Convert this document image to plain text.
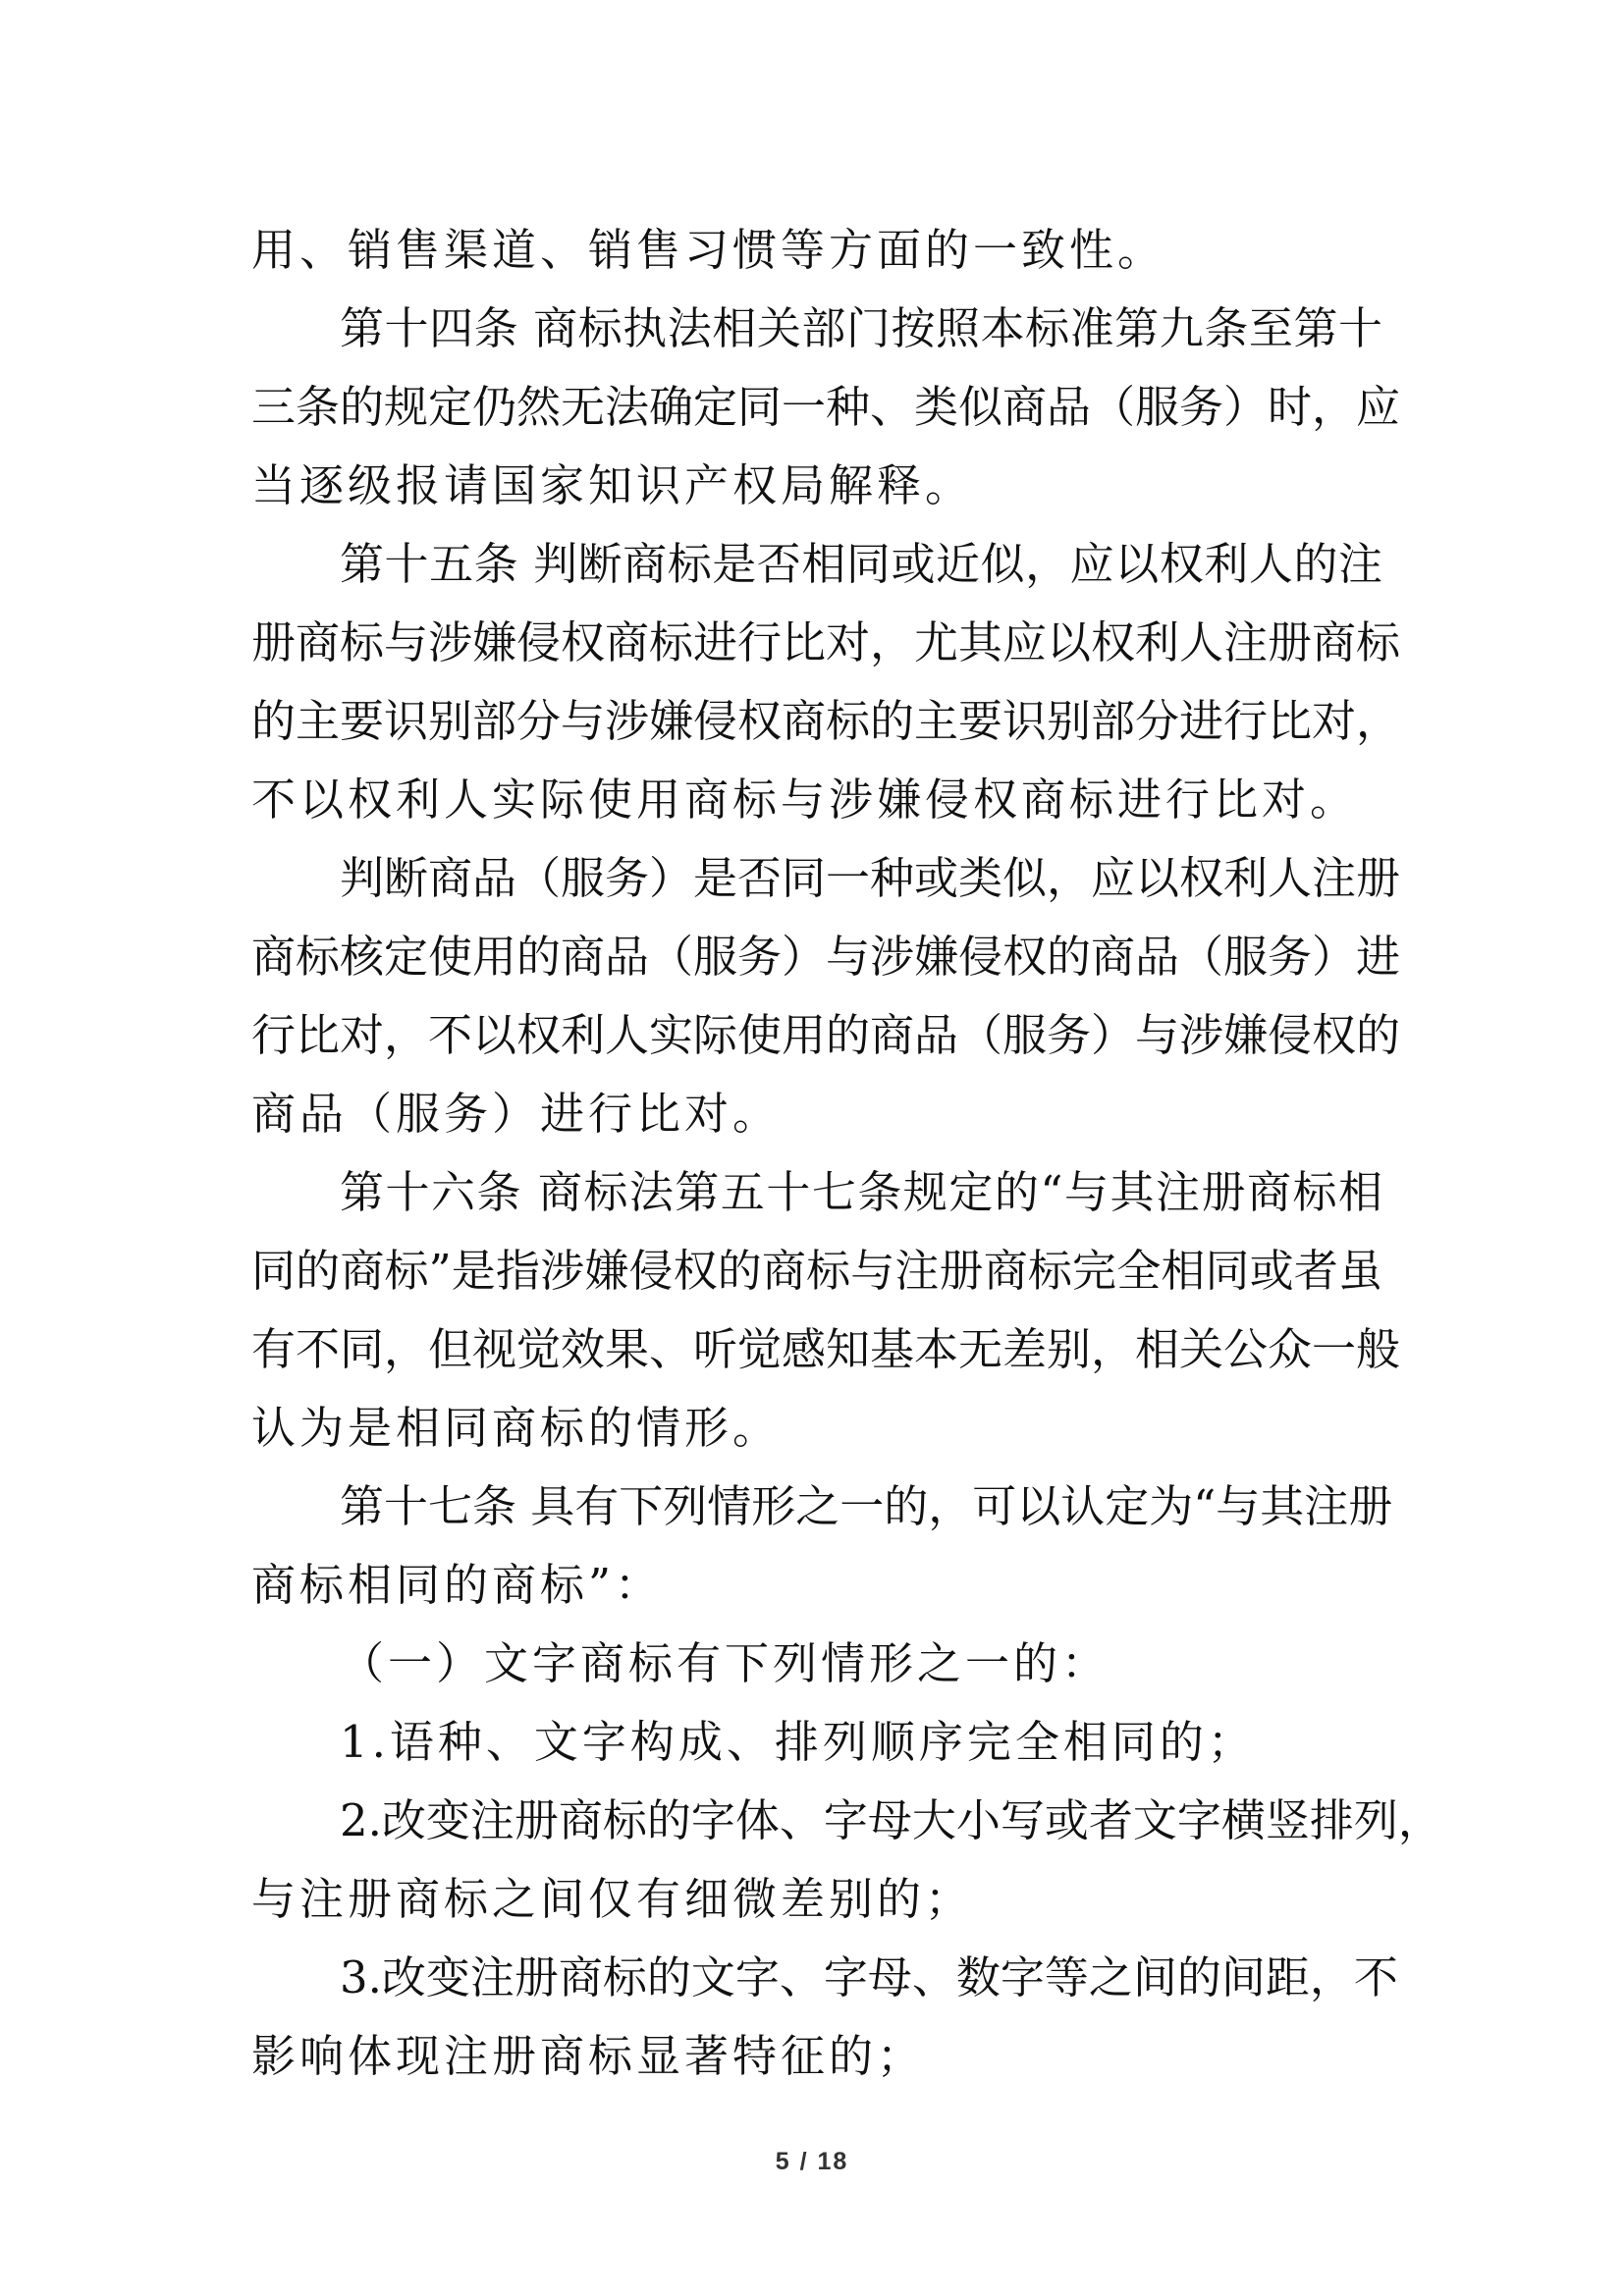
用、销售渠道、销售习惯等方面的一致性。
第十四条 商标执法相关部门按照本标准第九条至第十
三条的规定仍然无法确定同一种、类似商品（服务）时，应
当逐级报请国家知识产权局解释。
第十五条 判断商标是否相同或近似，应以权利人的注
册商标与涉嫌侵权商标进行比对，尤其应以权利人注册商标
的主要识别部分与涉嫌侵权商标的主要识别部分进行比对，
不以权利人实际使用商标与涉嫌侵权商标进行比对。
判断商品（服务）是否同一种或类似，应以权利人注册
商标核定使用的商品（服务）与涉嫌侵权的商品（服务）进
行比对，不以权利人实际使用的商品（服务）与涉嫌侵权的
商品（服务）进行比对。
第十六条 商标法第五十七条规定的“与其注册商标相
同的商标”是指涉嫌侵权的商标与注册商标完全相同或者虽
有不同，但视觉效果、听觉感知基本无差别，相关公众一般
认为是相同商标的情形。
第十七条 具有下列情形之一的，可以认定为“与其注册
商标相同的商标”：
（一）文字商标有下列情形之一的：
1.语种、文字构成、排列顺序完全相同的；
2.改变注册商标的字体、字母大小写或者文字横竖排列，
与注册商标之间仅有细微差别的；
3.改变注册商标的文字、字母、数字等之间的间距，不
影响体现注册商标显著特征的；
5 / 18
